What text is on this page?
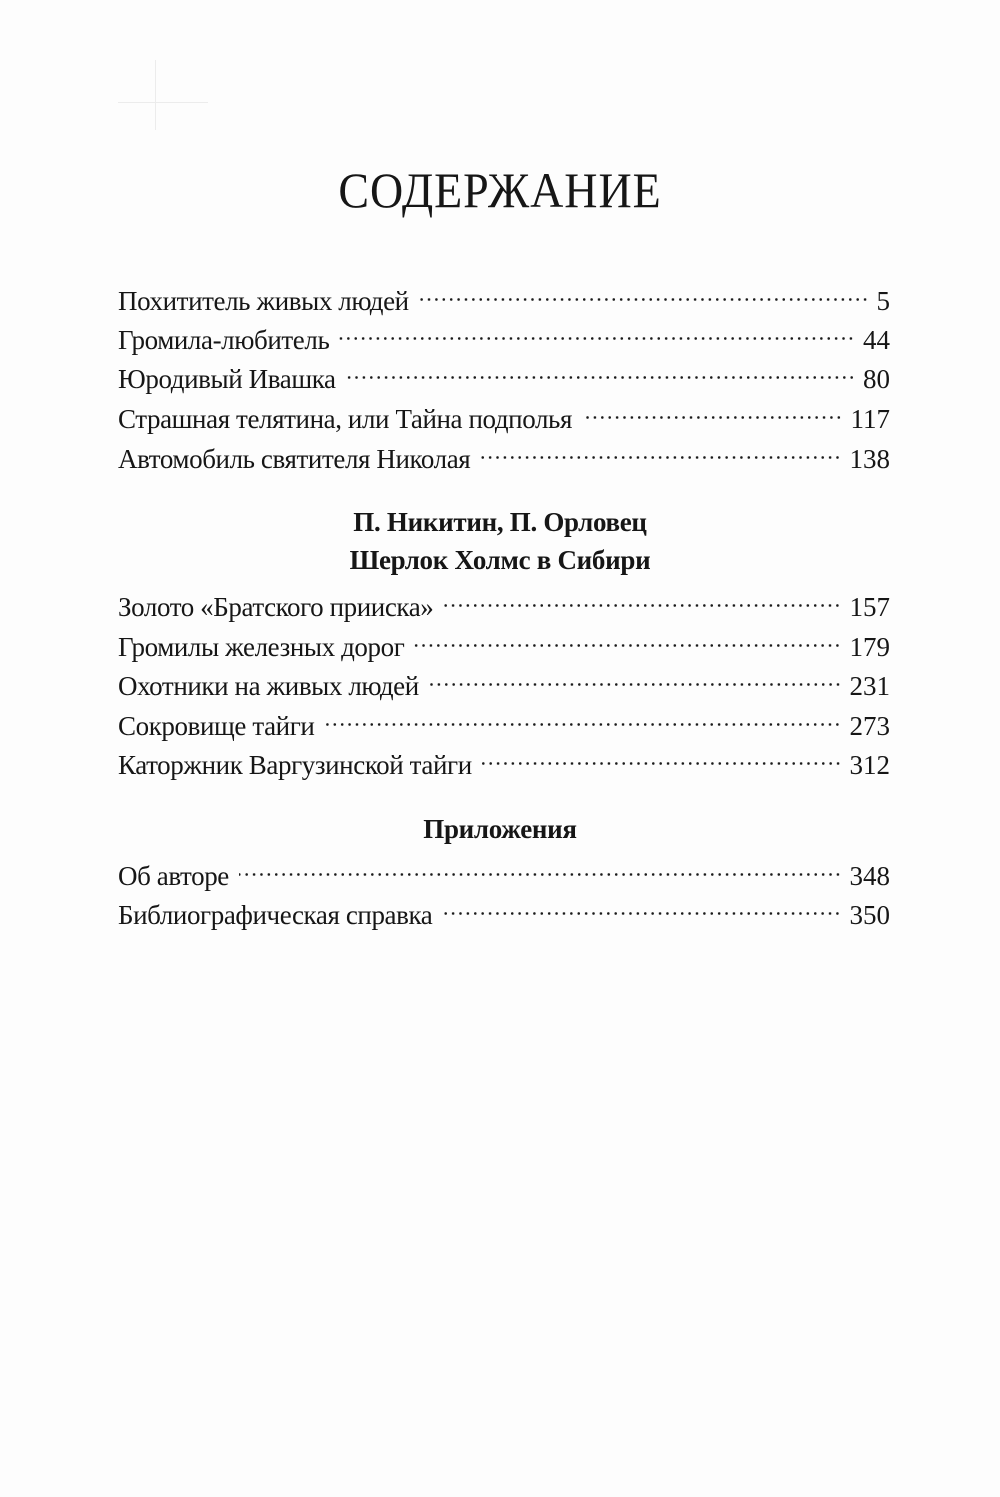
СОДЕРЖАНИЕ
Похититель живых людей	5
Громила-любитель	44
Юродивый Ивашка	80
Страшная телятина, или Тайна подполья	117
Автомобиль святителя Николая	138
П. Никитин, П. Орловец
Шерлок Холмс в Сибири
Золото «Братского прииска»	157
Громилы железных дорог	179
Охотники на живых людей	231
Сокровище тайги	273
Каторжник Варгузинской тайги	312
Приложения
Об авторе	348
Библиографическая справка	350
